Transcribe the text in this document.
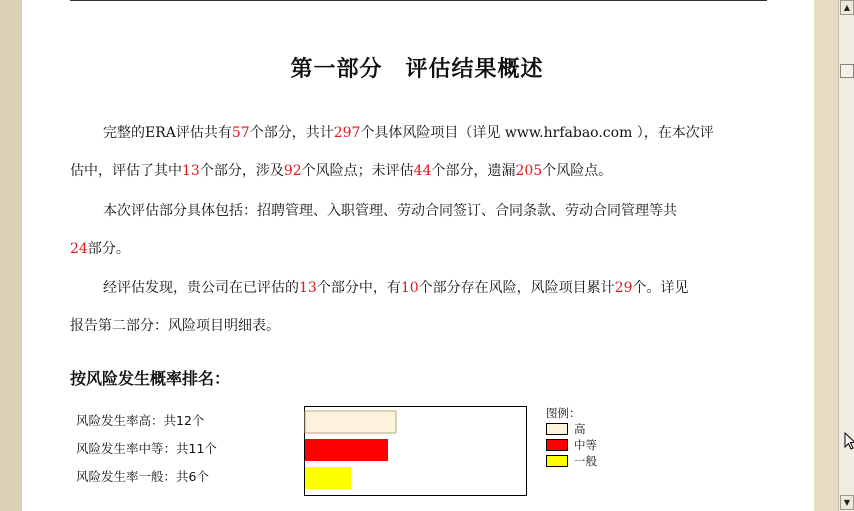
第一部分　评估结果概述
完整的ERA评估共有57个部分，共计297个具体风险项目（详见 www.hrfabao.com ），在本次评
估中，评估了其中13个部分，涉及92个风险点；未评估44个部分，遗漏205个风险点。
本次评估部分具体包括：招聘管理、入职管理、劳动合同签订、合同条款、劳动合同管理等共
24部分。
经评估发现，贵公司在已评估的13个部分中，有10个部分存在风险，风险项目累计29个。详见
报告第二部分：风险项目明细表。
按风险发生概率排名：
风险发生率高：共12个
风险发生率中等：共11个
风险发生率一般：共6个
图例：
高
中等
一般
▲
▼
